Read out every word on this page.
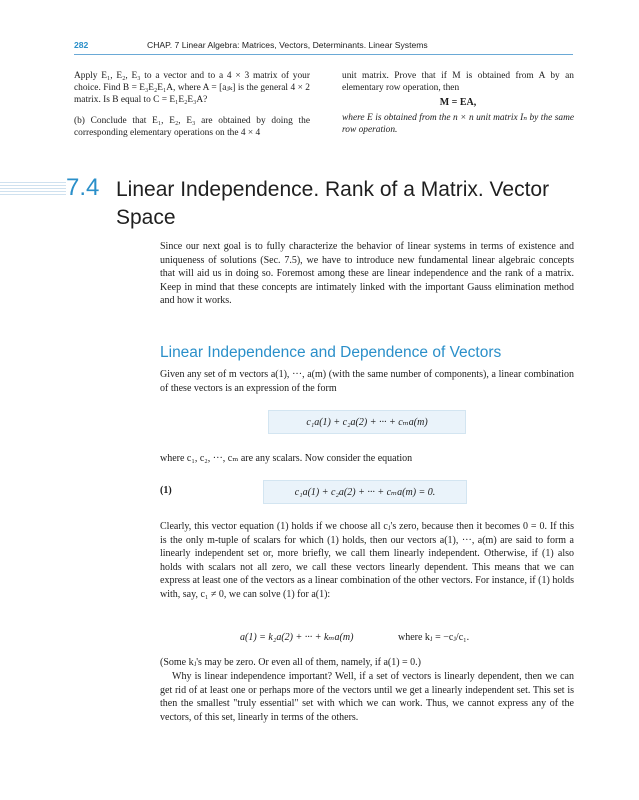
282	CHAP. 7 Linear Algebra: Matrices, Vectors, Determinants. Linear Systems

Apply E₁, E₂, E₃ to a vector and to a 4 × 3 matrix of your choice. Find B = E₃E₂E₁A, where A = [aⱼₖ] is the general 4 × 2 matrix. Is B equal to C = E₁E₂E₃A?

(b) Conclude that E₁, E₂, E₃ are obtained by doing the corresponding elementary operations on the 4 × 4

unit matrix. Prove that if M is obtained from A by an elementary row operation, then

M = EA,

where E is obtained from the n × n unit matrix Iₙ by the same row operation.

7.4 Linear Independence. Rank of a Matrix. Vector Space

Since our next goal is to fully characterize the behavior of linear systems in terms of existence and uniqueness of solutions (Sec. 7.5), we have to introduce new fundamental linear algebraic concepts that will aid us in doing so. Foremost among these are linear independence and the rank of a matrix. Keep in mind that these concepts are intimately linked with the important Gauss elimination method and how it works.

Linear Independence and Dependence of Vectors

Given any set of m vectors a(1), ···, a(m) (with the same number of components), a linear combination of these vectors is an expression of the form

c₁a(1) + c₂a(2) + ··· + cₘa(m)

where c₁, c₂, ···, cₘ are any scalars. Now consider the equation

(1)	c₁a(1) + c₂a(2) + ··· + cₘa(m) = 0.

Clearly, this vector equation (1) holds if we choose all cⱼ's zero, because then it becomes 0 = 0. If this is the only m-tuple of scalars for which (1) holds, then our vectors a(1), ···, a(m) are said to form a linearly independent set or, more briefly, we call them linearly independent. Otherwise, if (1) also holds with scalars not all zero, we call these vectors linearly dependent. This means that we can express at least one of the vectors as a linear combination of the other vectors. For instance, if (1) holds with, say, c₁ ≠ 0, we can solve (1) for a(1):

a(1) = k₂a(2) + ··· + kₘa(m)	where kⱼ = −cⱼ/c₁.

(Some kⱼ's may be zero. Or even all of them, namely, if a(1) = 0.)

Why is linear independence important? Well, if a set of vectors is linearly dependent, then we can get rid of at least one or perhaps more of the vectors until we get a linearly independent set. This set is then the smallest "truly essential" set with which we can work. Thus, we cannot express any of the vectors, of this set, linearly in terms of the others.
